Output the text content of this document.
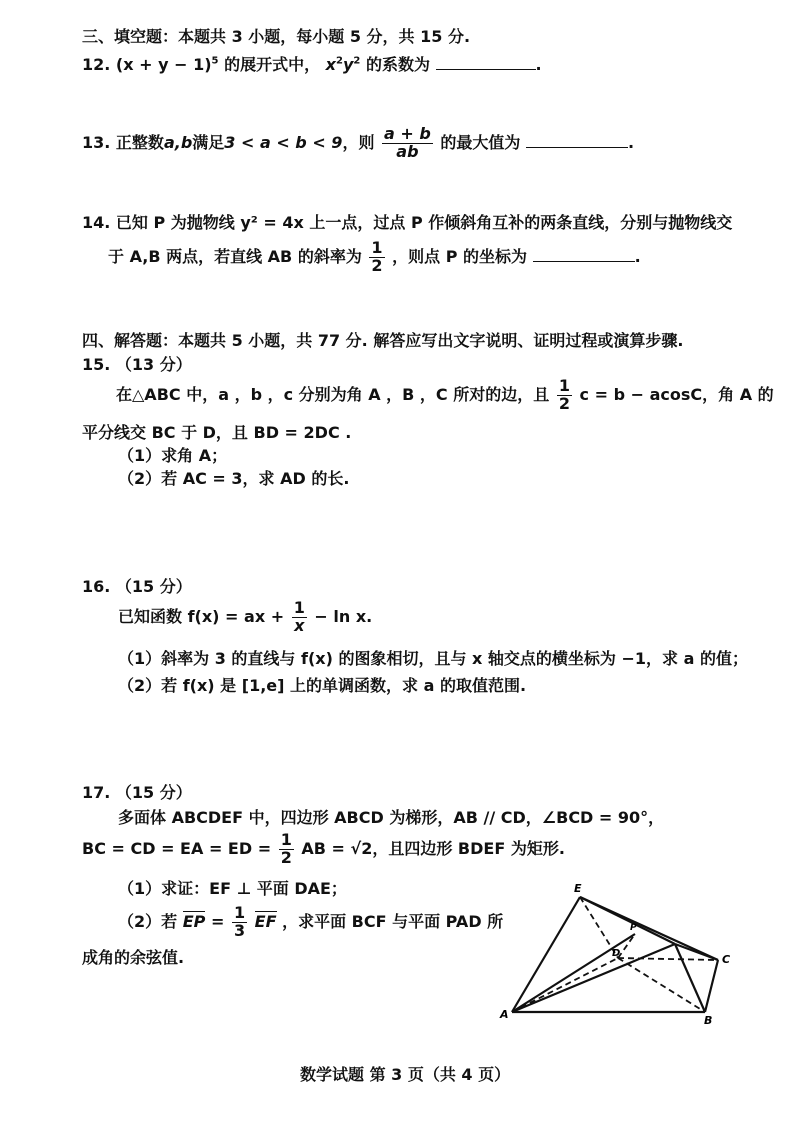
三、填空题：本题共 3 小题，每小题 5 分，共 15 分.
12. $(x + y - 1)^5$ 的展开式中， $x^2y^2$ 的系数为	.
13. 正整数a,b满足3 < a < b < 9，则 $\frac{a + b}{ab}$ 的最大值为	.
14. 已知 P 为抛物线 y² = 4x 上一点，过点 P 作倾斜角互补的两条直线，分别与抛物线交
于 A,B 两点，若直线 AB 的斜率为 $\frac{1}{2}$ ，则点 P 的坐标为	.
四、解答题：本题共 5 小题，共 77 分. 解答应写出文字说明、证明过程或演算步骤.
15. （13 分）
在△ABC 中，a ，b ，c 分别为角 A ，B ，C 所对的边，且 $\frac{1}{2}$ c = b − acosC，角 A 的
平分线交 BC 于 D，且 BD = 2DC .
（1）求角 A；
（2）若 AC = 3，求 AD 的长.
16. （15 分）
已知函数 f(x) = ax + $\frac{1}{x} - \ln x$.
（1）斜率为 3 的直线与 f(x) 的图象相切，且与 x 轴交点的横坐标为 −1，求 a 的值；
（2）若 f(x) 是 [1,e] 上的单调函数，求 a 的取值范围.
17. （15 分）
多面体 ABCDEF 中，四边形 ABCD 为梯形，AB // CD，∠BCD = 90°，
BC = CD = EA = ED = $\frac{1}{2}$ AB = √2，且四边形 BDEF 为矩形.
（1）求证：EF ⊥ 平面 DAE；
（2）若 EP = $\frac{1}{3}$ EF ，求平面 BCF 与平面 PAD 所
成角的余弦值.
E
A	B
C
D
P
数学试题 第 3 页（共 4 页）
